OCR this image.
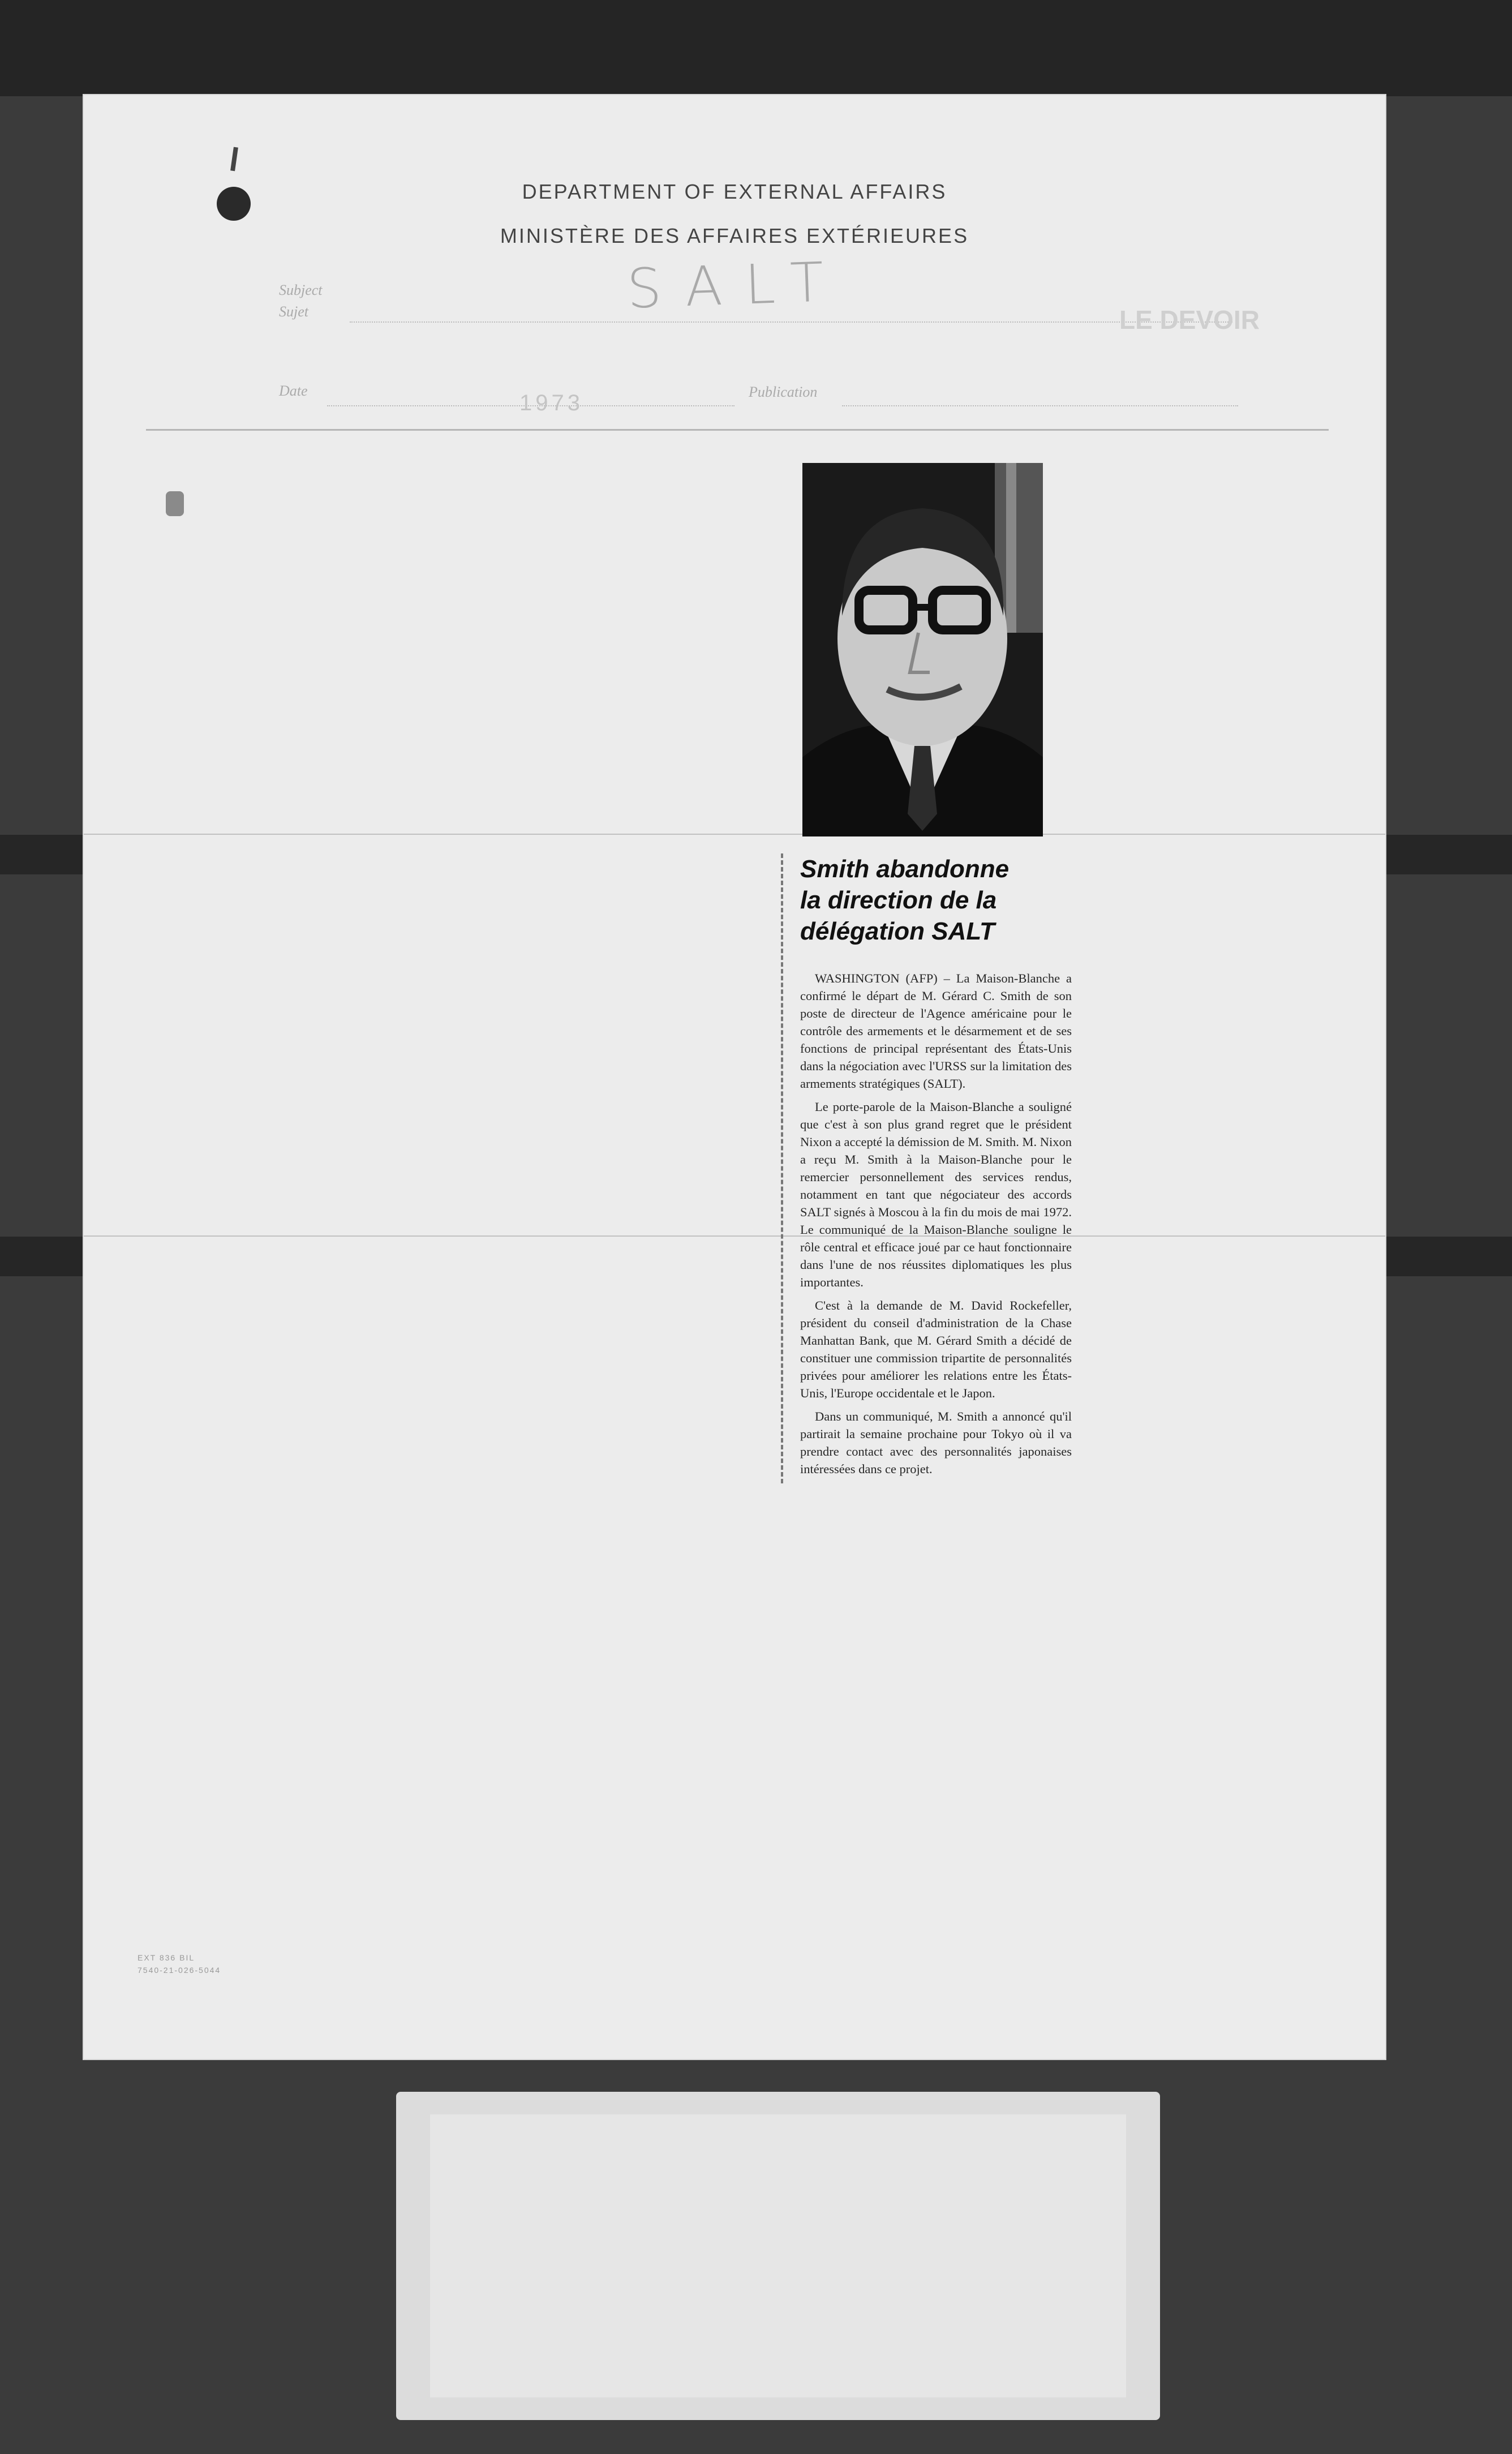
DEPARTMENT OF EXTERNAL AFFAIRS
MINISTÈRE DES AFFAIRES EXTÉRIEURES
Subject
Sujet	SALT	LE DEVOIR
Date	1973	Publication
Smith abandonne
la direction de la
délégation SALT

WASHINGTON (AFP) – La Maison-Blanche a confirmé le départ de M. Gérard C. Smith de son poste de directeur de l'Agence américaine pour le contrôle des armements et le désarmement et de ses fonctions de principal représentant des États-Unis dans la négociation avec l'URSS sur la limitation des armements stratégiques (SALT).

Le porte-parole de la Maison-Blanche a souligné que c'est à son plus grand regret que le président Nixon a accepté la démission de M. Smith. M. Nixon a reçu M. Smith à la Maison-Blanche pour le remercier personnellement des services rendus, notamment en tant que négociateur des accords SALT signés à Moscou à la fin du mois de mai 1972. Le communiqué de la Maison-Blanche souligne le rôle central et efficace joué par ce haut fonctionnaire dans l'une de nos réussites diplomatiques les plus importantes.

C'est à la demande de M. David Rockefeller, président du conseil d'administration de la Chase Manhattan Bank, que M. Gérard Smith a décidé de constituer une commission tripartite de personnalités privées pour améliorer les relations entre les États-Unis, l'Europe occidentale et le Japon.

Dans un communiqué, M. Smith a annoncé qu'il partirait la semaine prochaine pour Tokyo où il va prendre contact avec des personnalités japonaises intéressées dans ce projet.

EXT 836 BIL
7540-21-026-5044
